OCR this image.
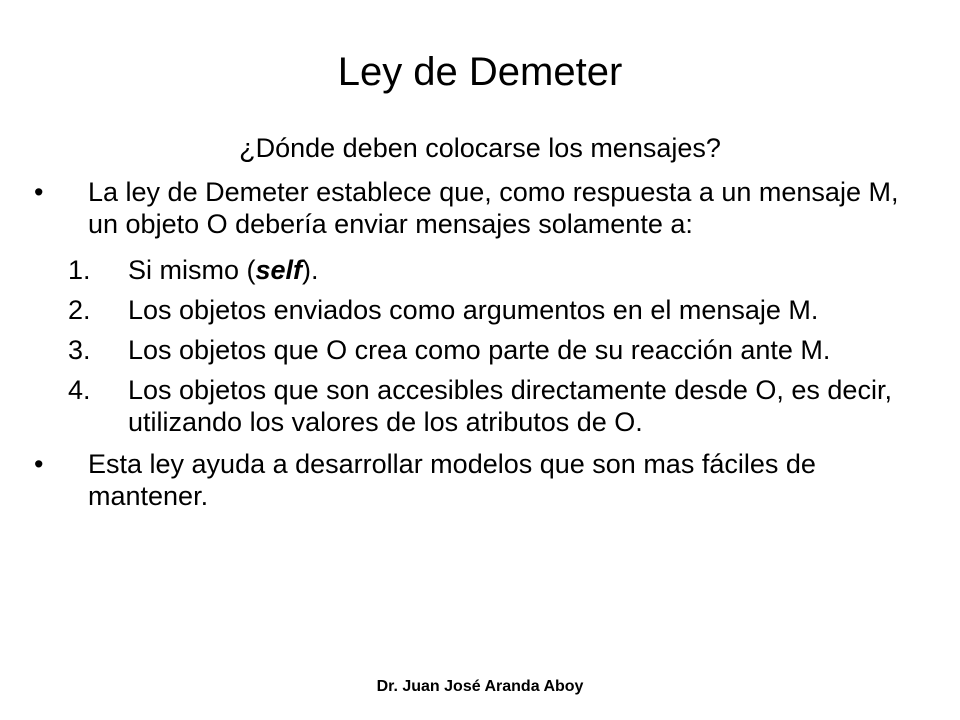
Ley de Demeter
¿Dónde deben colocarse los mensajes?
• La ley de Demeter establece que, como respuesta a un mensaje M, un objeto O debería enviar mensajes solamente a:
1. Si mismo (self).
2. Los objetos enviados como argumentos en el mensaje M.
3. Los objetos que O crea como parte de su reacción ante M.
4. Los objetos que son accesibles directamente desde O, es decir, utilizando los valores de los atributos de O.
• Esta ley ayuda a desarrollar modelos que son mas fáciles de mantener.
Dr. Juan José Aranda Aboy
